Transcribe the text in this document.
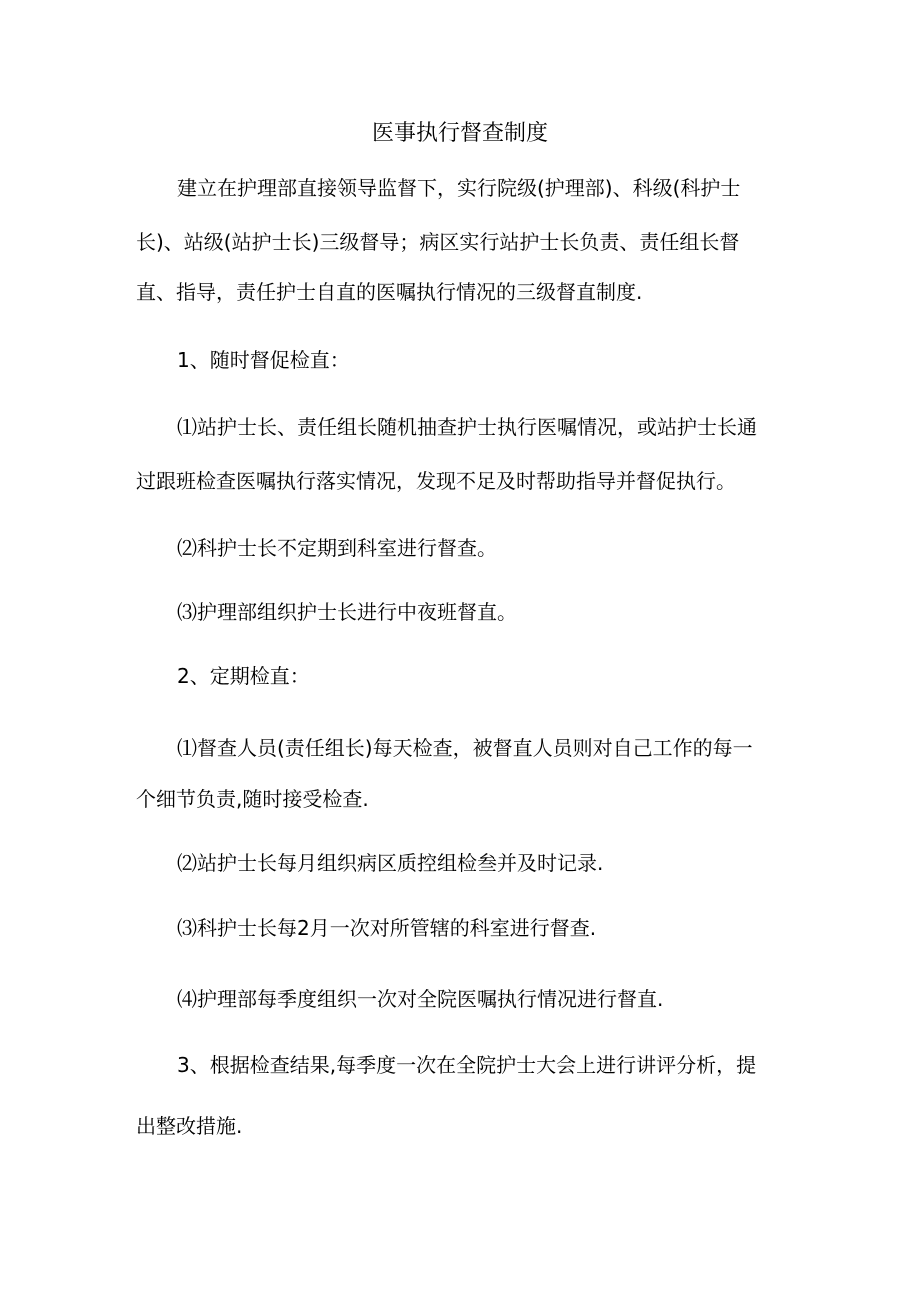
医事执行督查制度
建立在护理部直接领导监督下，实行院级(护理部)、科级(科护士
长)、站级(站护士长)三级督导；病区实行站护士长负责、责任组长督
直、指导，责任护士自直的医嘱执行情况的三级督直制度.
1、随时督促检直：
⑴站护士长、责任组长随机抽查护士执行医嘱情况，或站护士长通
过跟班检查医嘱执行落实情况，发现不足及时帮助指导并督促执行。
⑵科护士长不定期到科室进行督查。
⑶护理部组织护士长进行中夜班督直。
2、定期检直：
⑴督查人员(责任组长)每天检查，被督直人员则对自己工作的每一
个细节负责,随时接受检查.
⑵站护士长每月组织病区质控组检叁并及时记录.
⑶科护士长每2月一次对所管辖的科室进行督查.
⑷护理部每季度组织一次对全院医嘱执行情况进行督直.
3、根据检查结果,每季度一次在全院护士大会上进行讲评分析，提
出整改措施.
